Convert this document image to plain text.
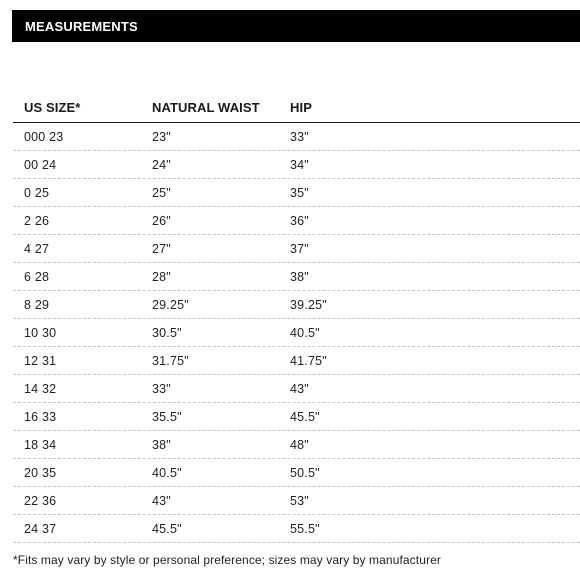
MEASUREMENTS
US SIZE*	NATURAL WAIST	HIP
000 23	23"	33"
00 24	24"	34"
0 25	25"	35"
2 26	26"	36"
4 27	27"	37"
6 28	28"	38"
8 29	29.25"	39.25"
10 30	30.5"	40.5"
12 31	31.75"	41.75"
14 32	33"	43"
16 33	35.5"	45.5"
18 34	38"	48"
20 35	40.5"	50.5"
22 36	43"	53"
24 37	45.5"	55.5"
*Fits may vary by style or personal preference; sizes may vary by manufacturer
